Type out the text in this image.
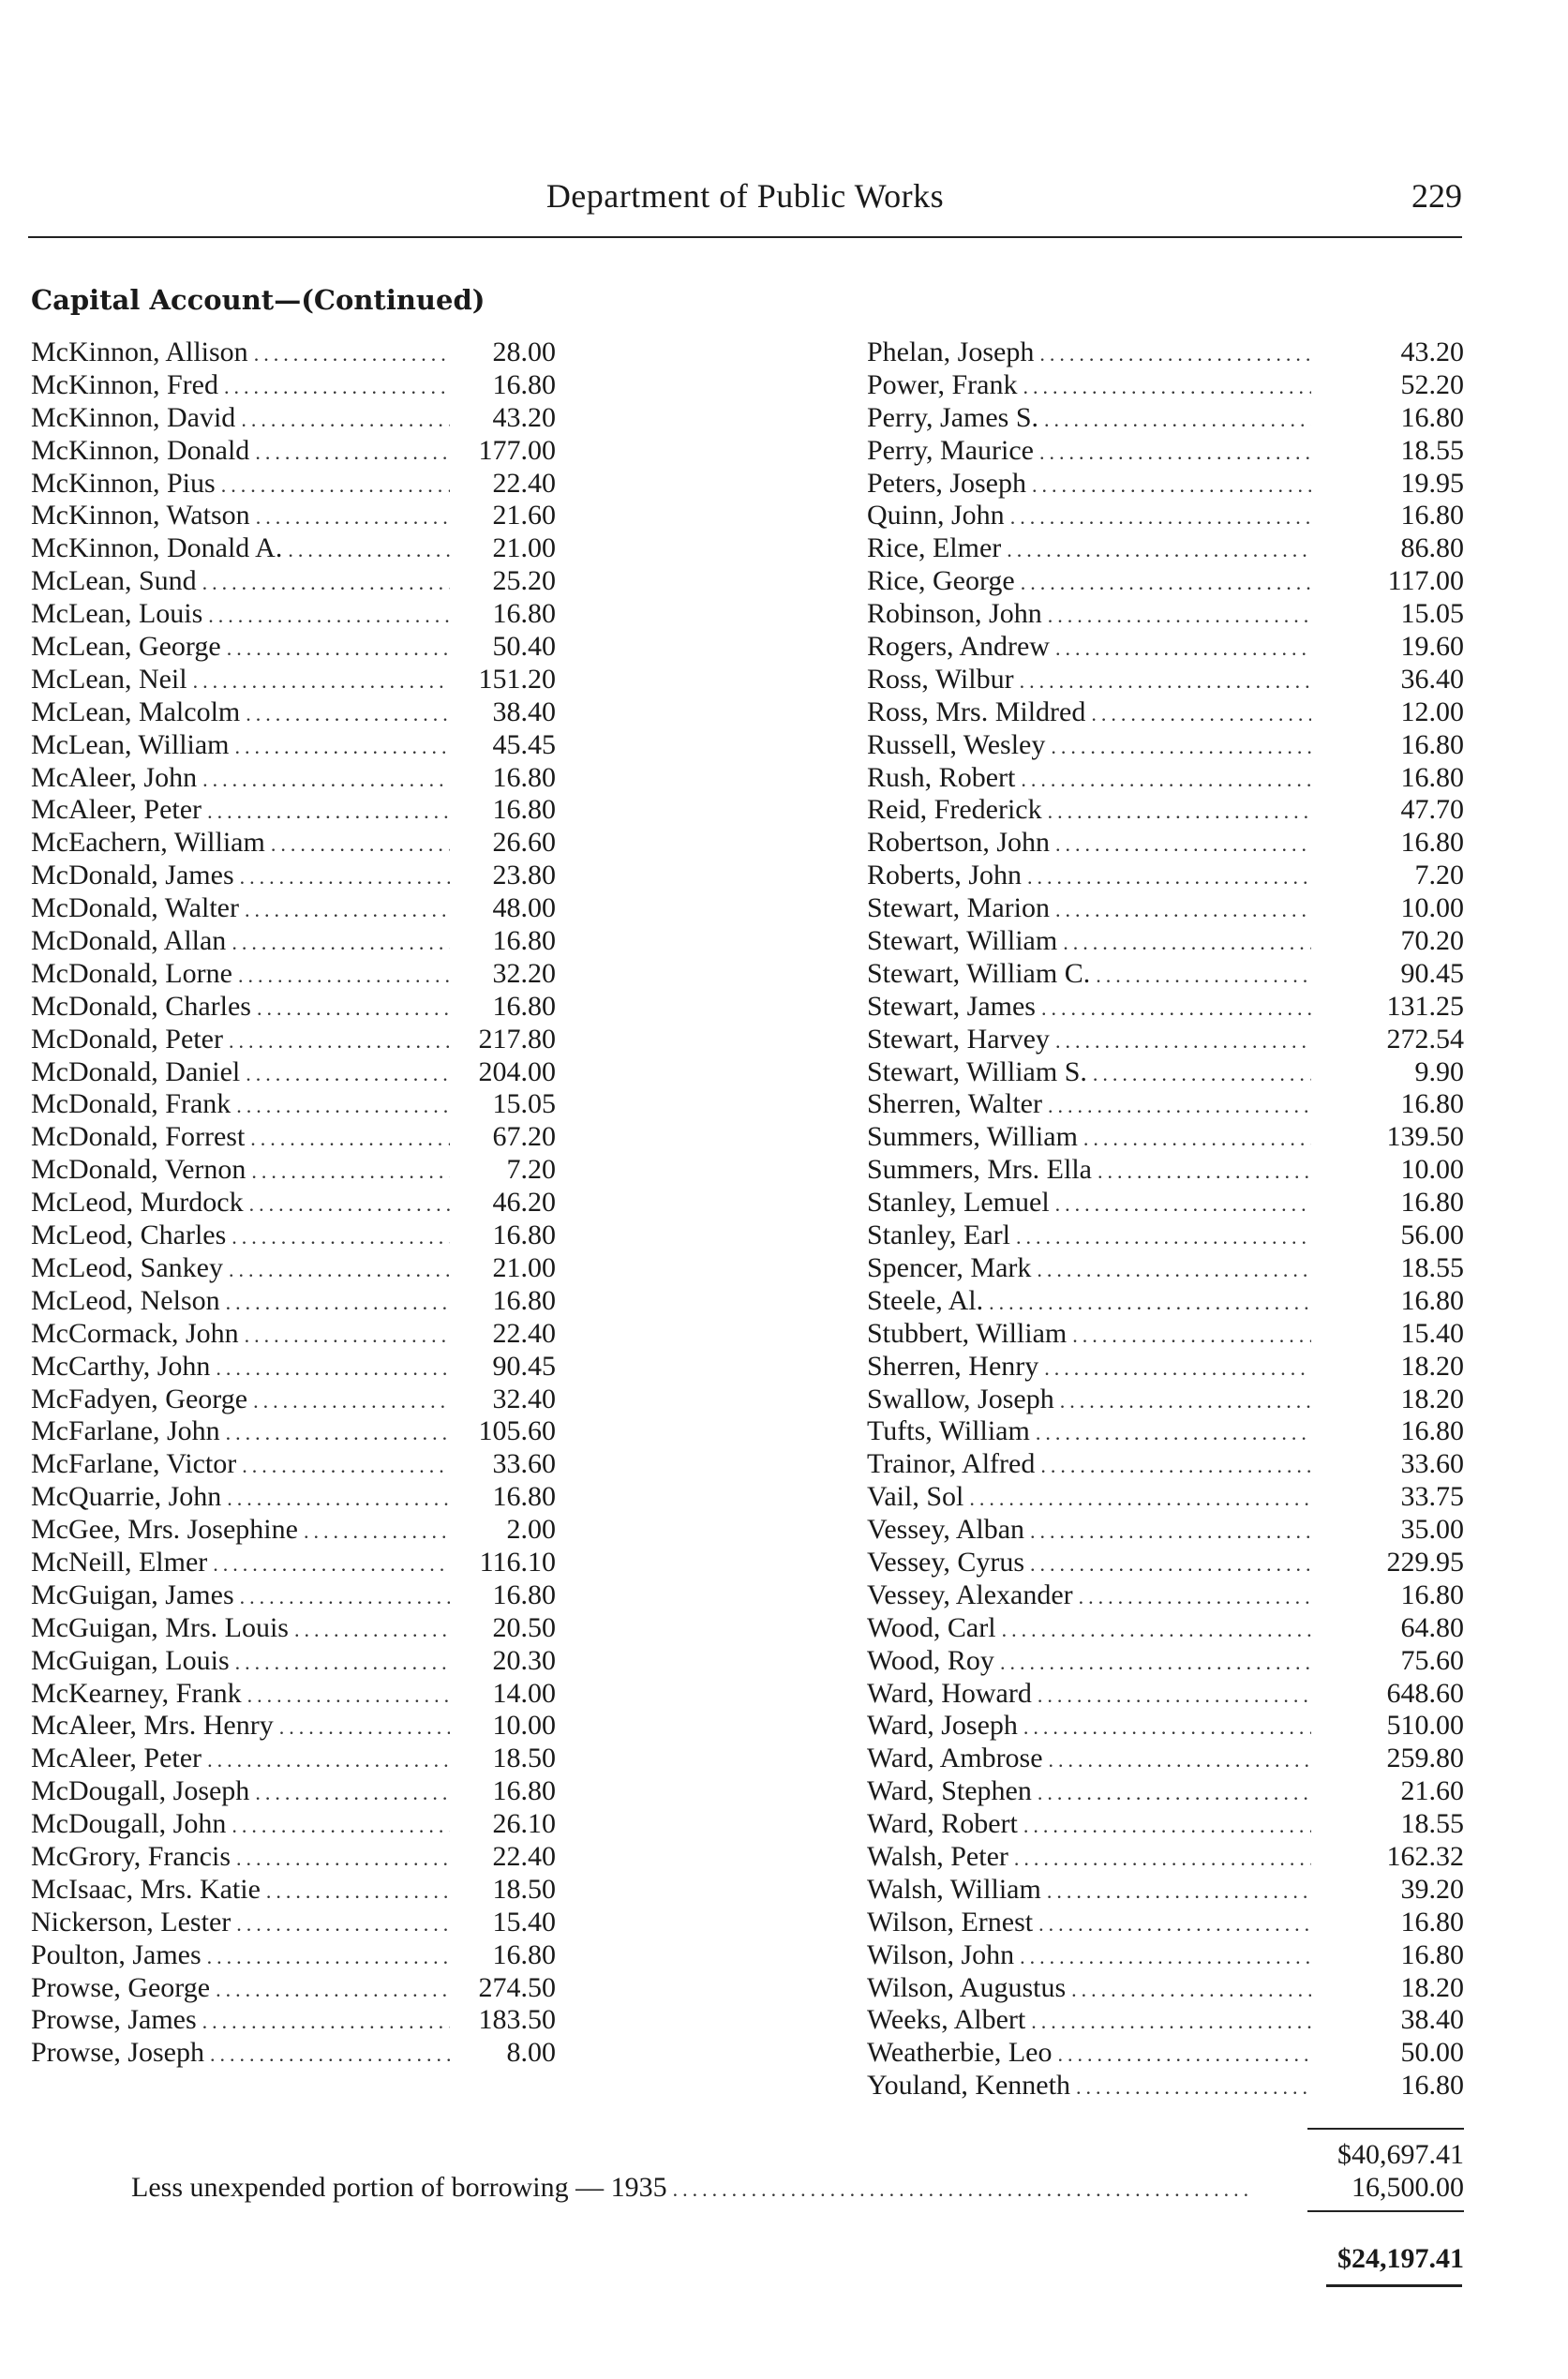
Department of Public Works	229
Capital Account—(Continued)
McKinnon, Allison .....	28.00
McKinnon, Fred .....	16.80
McKinnon, David .....	43.20
McKinnon, Donald .....	177.00
McKinnon, Pius .....	22.40
McKinnon, Watson .....	21.60
McKinnon, Donald A. .....	21.00
McLean, Sund .....	25.20
McLean, Louis .....	16.80
McLean, George .....	50.40
McLean, Neil .....	151.20
McLean, Malcolm .....	38.40
McLean, William .....	45.45
McAleer, John .....	16.80
McAleer, Peter .....	16.80
McEachern, William .....	26.60
McDonald, James .....	23.80
McDonald, Walter .....	48.00
McDonald, Allan .....	16.80
McDonald, Lorne .....	32.20
McDonald, Charles .....	16.80
McDonald, Peter .....	217.80
McDonald, Daniel .....	204.00
McDonald, Frank .....	15.05
McDonald, Forrest .....	67.20
McDonald, Vernon .....	7.20
McLeod, Murdock .....	46.20
McLeod, Charles .....	16.80
McLeod, Sankey .....	21.00
McLeod, Nelson .....	16.80
McCormack, John .....	22.40
McCarthy, John .....	90.45
McFadyen, George .....	32.40
McFarlane, John .....	105.60
McFarlane, Victor .....	33.60
McQuarrie, John .....	16.80
McGee, Mrs. Josephine .....	2.00
McNeill, Elmer .....	116.10
McGuigan, James .....	16.80
McGuigan, Mrs. Louis .....	20.50
McGuigan, Louis .....	20.30
McKearney, Frank .....	14.00
McAleer, Mrs. Henry .....	10.00
McAleer, Peter .....	18.50
McDougall, Joseph .....	16.80
McDougall, John .....	26.10
McGrory, Francis .....	22.40
McIsaac, Mrs. Katie .....	18.50
Nickerson, Lester .....	15.40
Poulton, James .....	16.80
Prowse, George .....	274.50
Prowse, James .....	183.50
Prowse, Joseph .....	8.00
Phelan, Joseph .....	43.20
Power, Frank .....	52.20
Perry, James S. .....	16.80
Perry, Maurice .....	18.55
Peters, Joseph .....	19.95
Quinn, John .....	16.80
Rice, Elmer .....	86.80
Rice, George .....	117.00
Robinson, John .....	15.05
Rogers, Andrew .....	19.60
Ross, Wilbur .....	36.40
Ross, Mrs. Mildred .....	12.00
Russell, Wesley .....	16.80
Rush, Robert .....	16.80
Reid, Frederick .....	47.70
Robertson, John .....	16.80
Roberts, John .....	7.20
Stewart, Marion .....	10.00
Stewart, William .....	70.20
Stewart, William C. .....	90.45
Stewart, James .....	131.25
Stewart, Harvey .....	272.54
Stewart, William S. .....	9.90
Sherren, Walter .....	16.80
Summers, William .....	139.50
Summers, Mrs. Ella .....	10.00
Stanley, Lemuel .....	16.80
Stanley, Earl .....	56.00
Spencer, Mark .....	18.55
Steele, Al. .....	16.80
Stubbert, William .....	15.40
Sherren, Henry .....	18.20
Swallow, Joseph .....	18.20
Tufts, William .....	16.80
Trainor, Alfred .....	33.60
Vail, Sol .....	33.75
Vessey, Alban .....	35.00
Vessey, Cyrus .....	229.95
Vessey, Alexander .....	16.80
Wood, Carl .....	64.80
Wood, Roy .....	75.60
Ward, Howard .....	648.60
Ward, Joseph .....	510.00
Ward, Ambrose .....	259.80
Ward, Stephen .....	21.60
Ward, Robert .....	18.55
Walsh, Peter .....	162.32
Walsh, William .....	39.20
Wilson, Ernest .....	16.80
Wilson, John .....	16.80
Wilson, Augustus .....	18.20
Weeks, Albert .....	38.40
Weatherbie, Leo .....	50.00
Youland, Kenneth .....	16.80
$40,697.41
Less unexpended portion of borrowing — 1935 .....	16,500.00
$24,197.41
